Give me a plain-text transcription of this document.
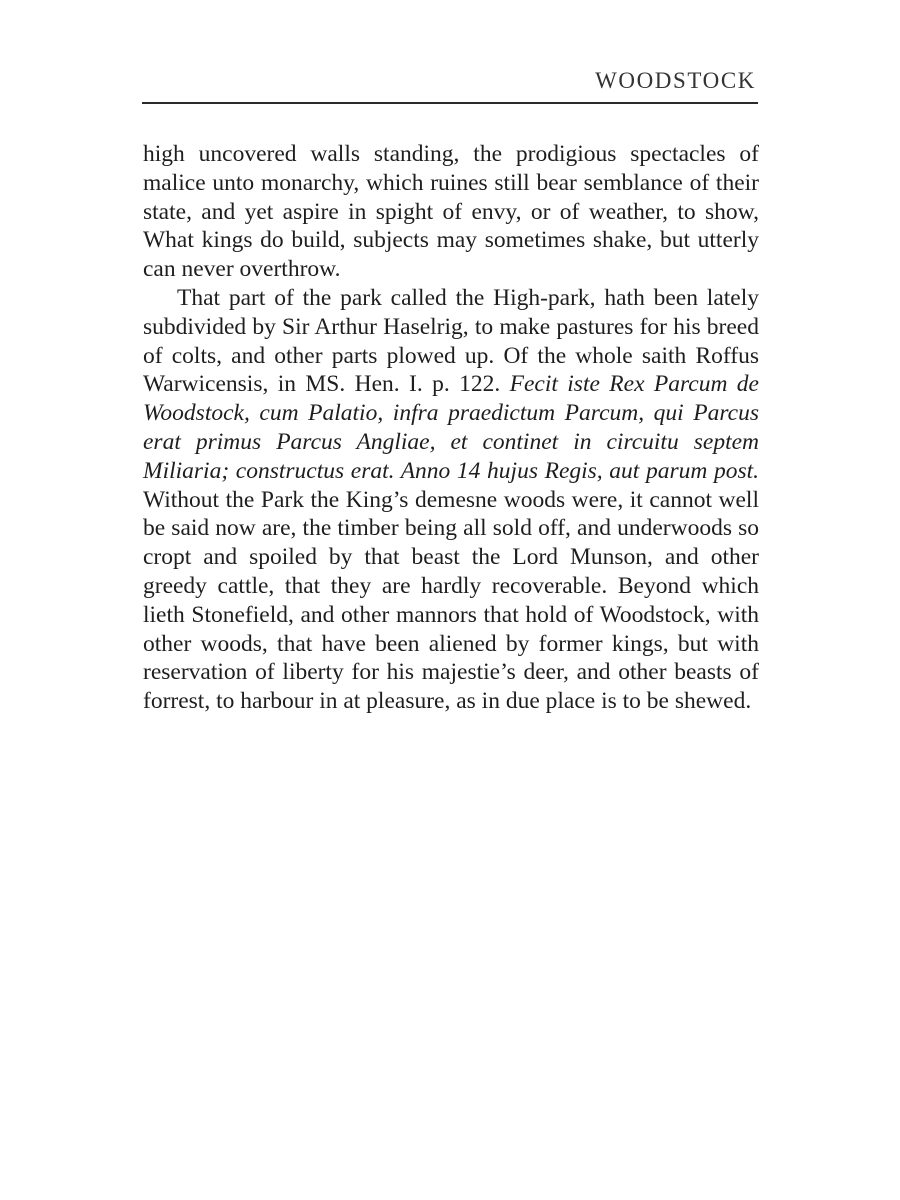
WOODSTOCK

high uncovered walls standing, the prodigious spectacles of malice unto monarchy, which ruines still bear semblance of their state, and yet aspire in spight of envy, or of weather, to show, What kings do build, subjects may sometimes shake, but utterly can never overthrow.

That part of the park called the High-park, hath been lately subdivided by Sir Arthur Haselrig, to make pastures for his breed of colts, and other parts plowed up. Of the whole saith Roffus Warwicensis, in MS. Hen. I. p. 122. Fecit iste Rex Parcum de Woodstock, cum Palatio, infra praedictum Parcum, qui Parcus erat primus Parcus Angliae, et continet in circuitu septem Miliaria; constructus erat. Anno 14 hujus Regis, aut parum post. Without the Park the King’s demesne woods were, it cannot well be said now are, the timber being all sold off, and underwoods so cropt and spoiled by that beast the Lord Munson, and other greedy cattle, that they are hardly recoverable. Beyond which lieth Stonefield, and other mannors that hold of Woodstock, with other woods, that have been aliened by former kings, but with reservation of liberty for his majestie’s deer, and other beasts of forrest, to harbour in at pleasure, as in due place is to be shewed.
